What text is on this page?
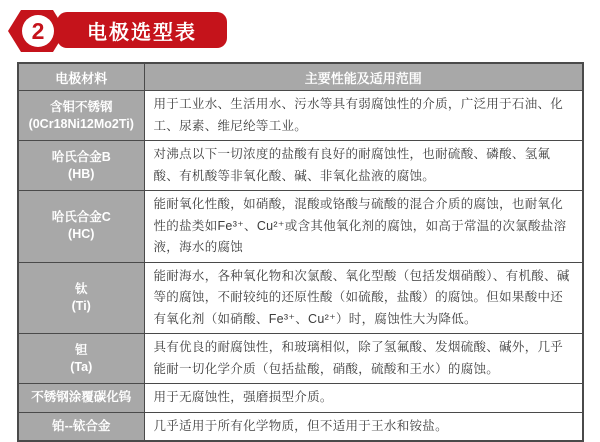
2	电极选型表
电极材料	主要性能及适用范围
含钼不锈钢
(0Cr18Ni12Mo2Ti)	用于工业水、生活用水、污水等具有弱腐蚀性的介质，广泛用于石油、化工、尿素、维尼纶等工业。
哈氏合金B
(HB)	对沸点以下一切浓度的盐酸有良好的耐腐蚀性，也耐硫酸、磷酸、氢氟酸、有机酸等非氧化酸、碱、非氧化盐液的腐蚀。
哈氏合金C
(HC)	能耐氧化性酸，如硝酸，混酸或铬酸与硫酸的混合介质的腐蚀，也耐氧化性的盐类如Fe³⁺、Cu²⁺或含其他氧化剂的腐蚀，如高于常温的次氯酸盐溶液，海水的腐蚀
钛
(Ti)	能耐海水，各种氧化物和次氯酸、氧化型酸（包括发烟硝酸）、有机酸、碱等的腐蚀，不耐较纯的还原性酸（如硫酸，盐酸）的腐蚀。但如果酸中还有氧化剂（如硝酸、Fe³⁺、Cu²⁺）时，腐蚀性大为降低。
钽
(Ta)	具有优良的耐腐蚀性，和玻璃相似，除了氢氟酸、发烟硫酸、碱外，几乎能耐一切化学介质（包括盐酸，硝酸，硫酸和王水）的腐蚀。
不锈钢涂覆碳化钨	用于无腐蚀性，强磨损型介质。
铂--铱合金	几乎适用于所有化学物质，但不适用于王水和铵盐。
